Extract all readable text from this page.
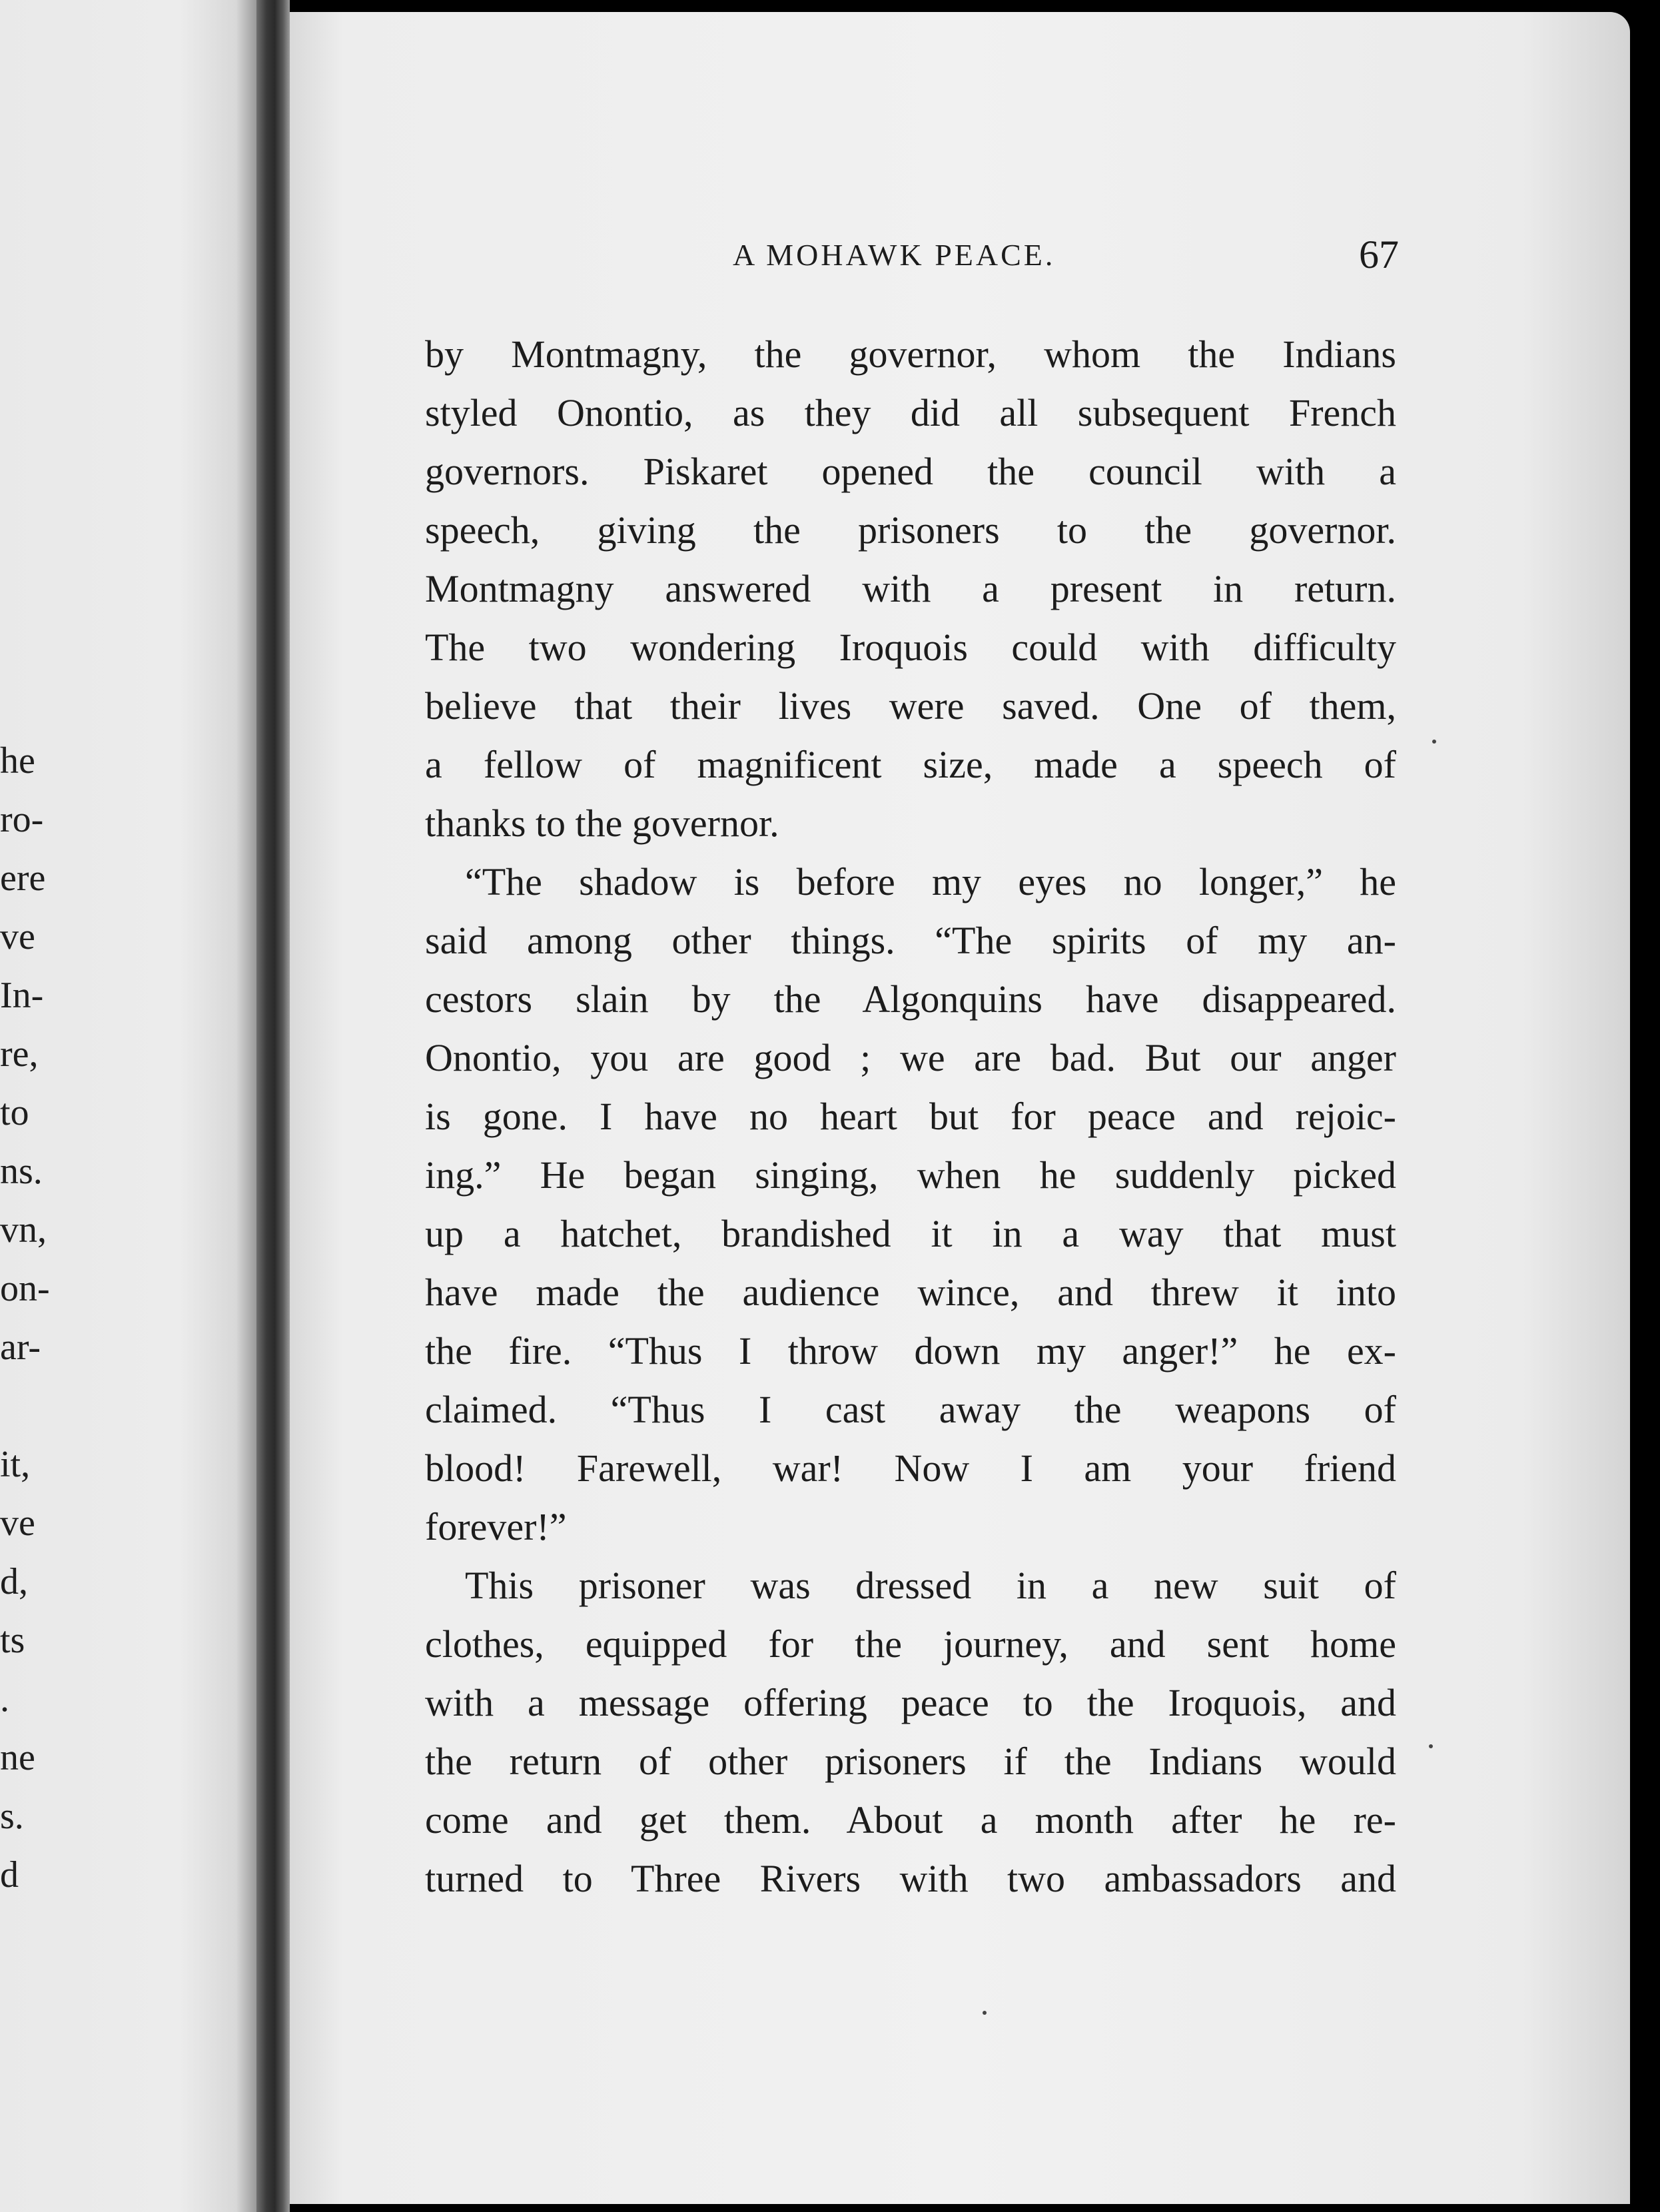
he
ro-
ere
ve
In-
re,
to
ns.
vn,
on-
ar-
it,
ve
d,
ts
.
ne
s.
d
A MOHAWK PEACE.	67
by Montmagny, the governor, whom the Indians
styled Onontio, as they did all subsequent French
governors. Piskaret opened the council with a
speech, giving the prisoners to the governor.
Montmagny answered with a present in return.
The two wondering Iroquois could with difficulty
believe that their lives were saved. One of them,
a fellow of magnificent size, made a speech of
thanks to the governor.
“The shadow is before my eyes no longer,” he
said among other things. “The spirits of my an-
cestors slain by the Algonquins have disappeared.
Onontio, you are good ; we are bad. But our anger
is gone. I have no heart but for peace and rejoic-
ing.” He began singing, when he suddenly picked
up a hatchet, brandished it in a way that must
have made the audience wince, and threw it into
the fire. “Thus I throw down my anger!” he ex-
claimed. “Thus I cast away the weapons of
blood! Farewell, war! Now I am your friend
forever!”
This prisoner was dressed in a new suit of
clothes, equipped for the journey, and sent home
with a message offering peace to the Iroquois, and
the return of other prisoners if the Indians would
come and get them. About a month after he re-
turned to Three Rivers with two ambassadors and
